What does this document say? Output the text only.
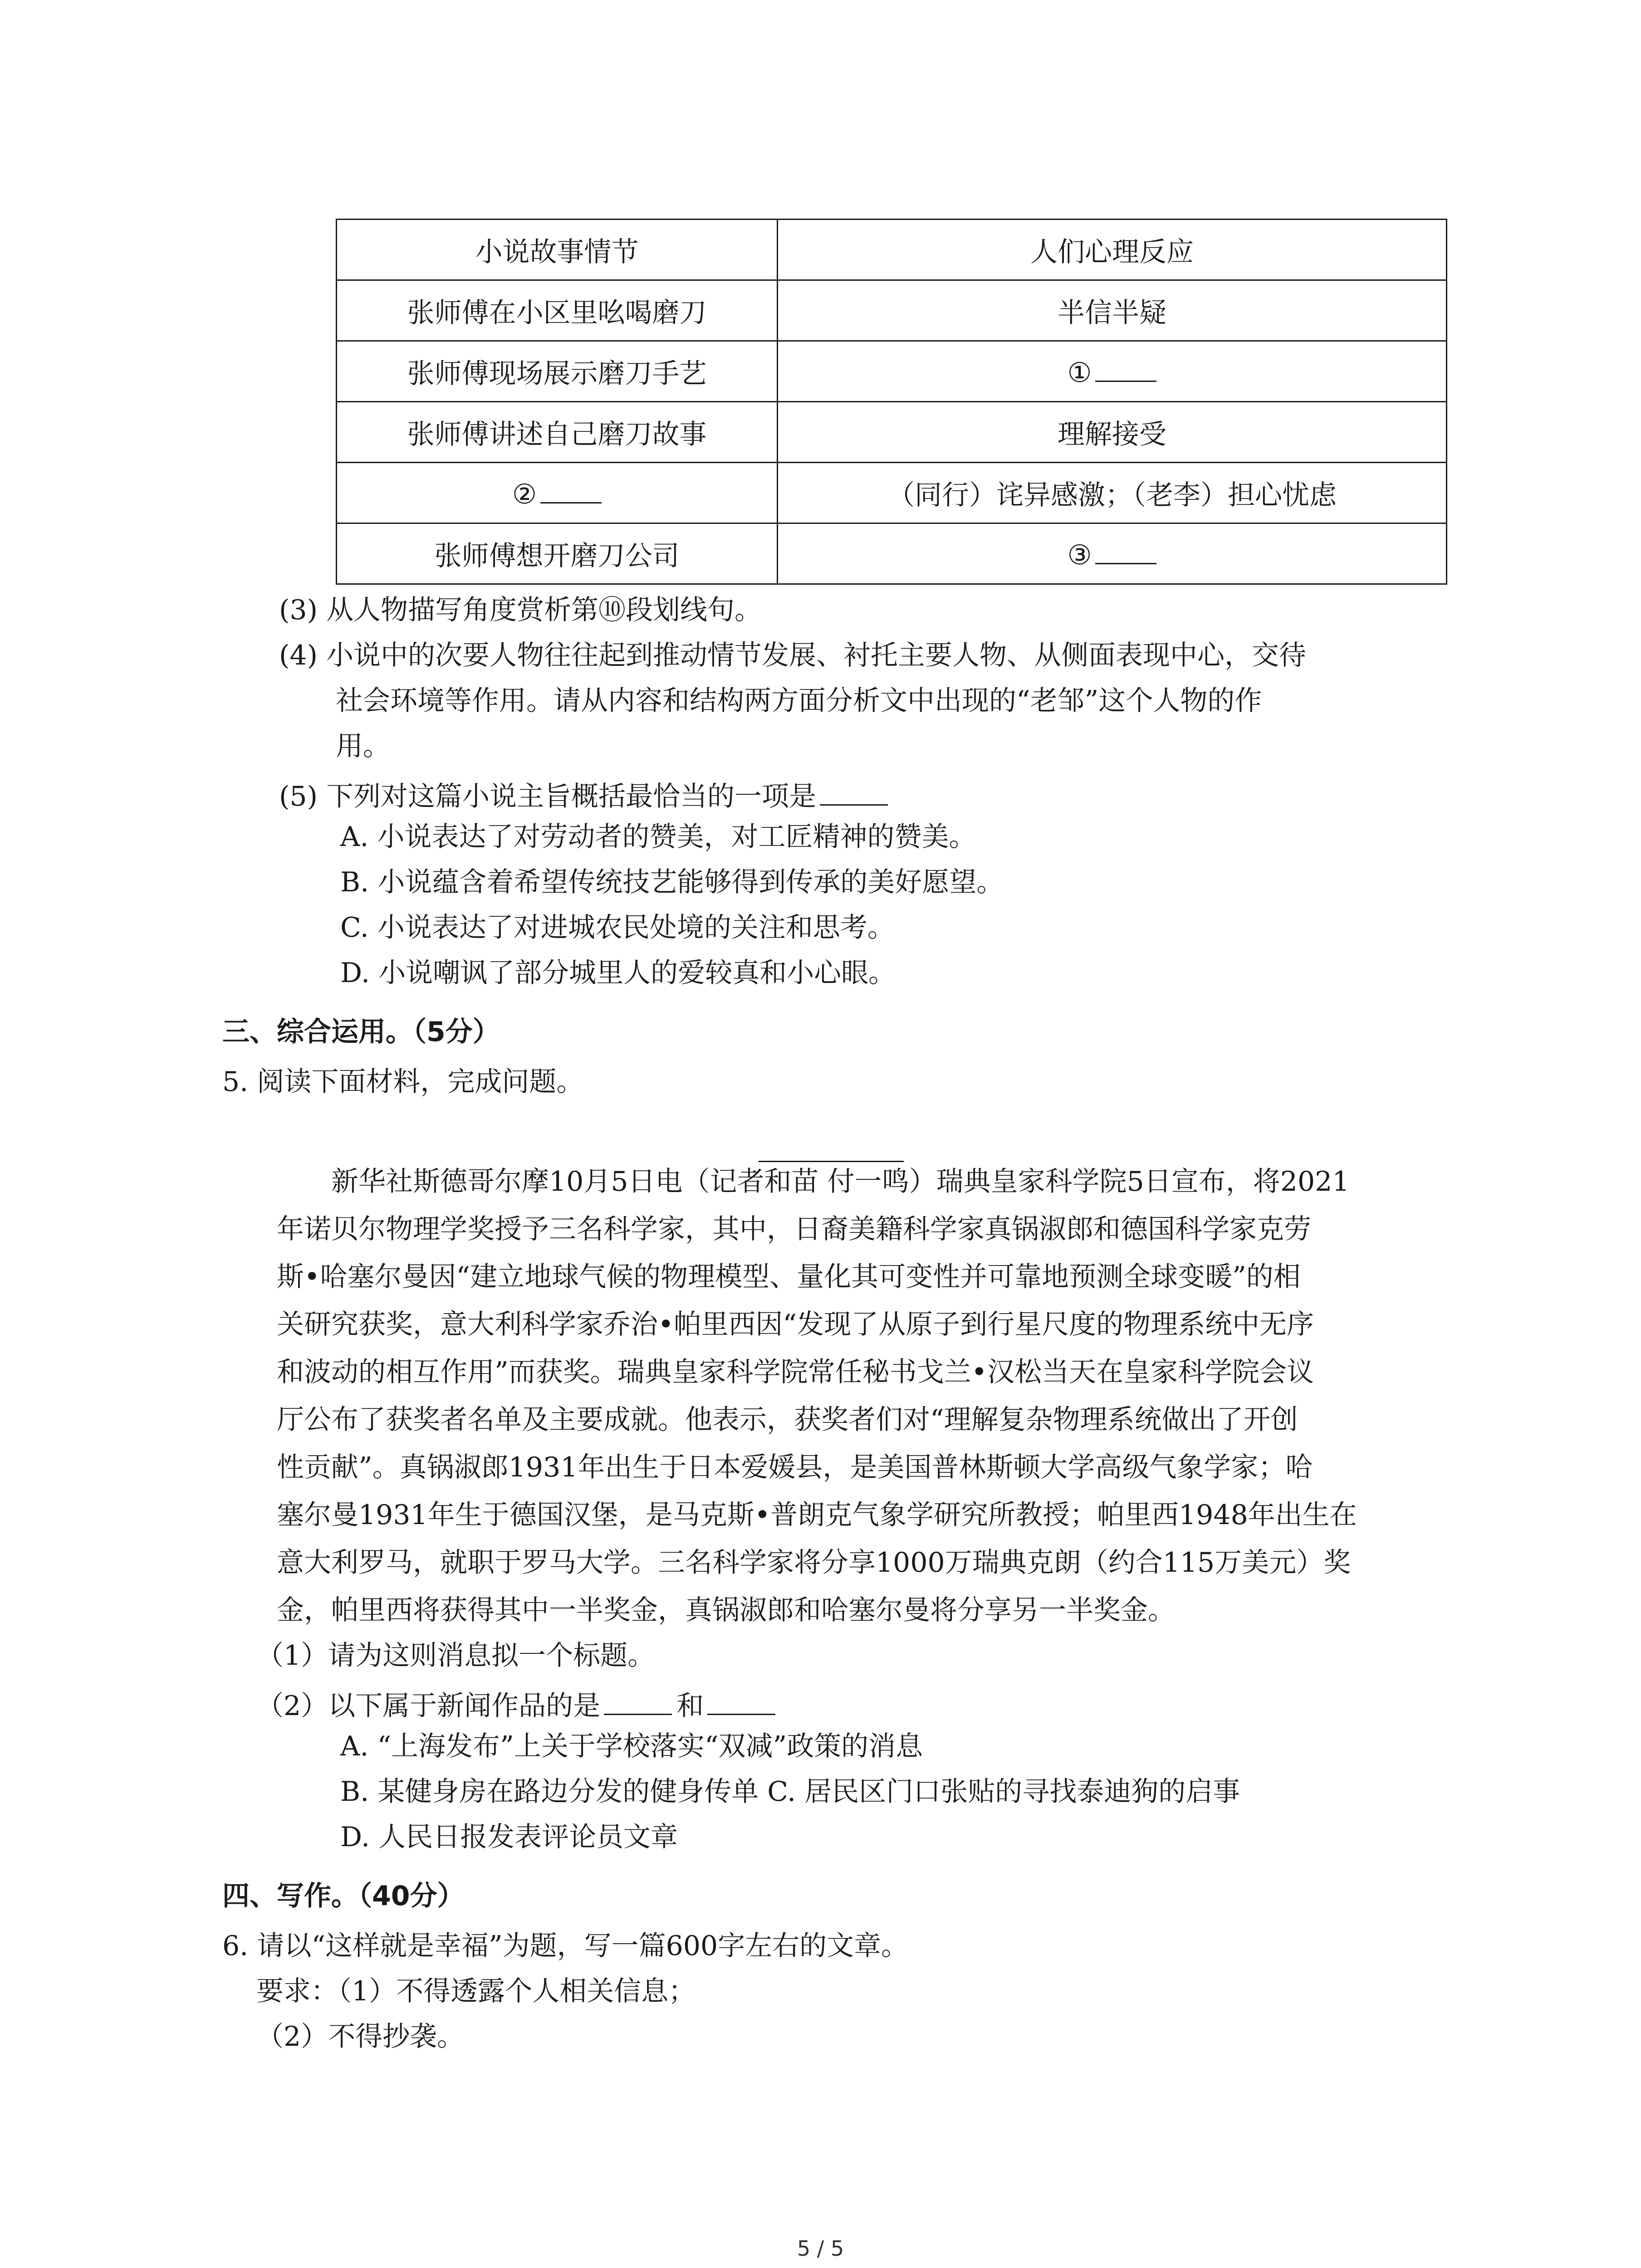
小说故事情节	人们心理反应
张师傅在小区里吆喝磨刀	半信半疑
张师傅现场展示磨刀手艺	①
张师傅讲述自己磨刀故事	理解接受
②	（同行）诧异感激；（老李）担心忧虑
张师傅想开磨刀公司	③
(3) 从人物描写角度赏析第⑩段划线句。
(4) 小说中的次要人物往往起到推动情节发展、衬托主要人物、从侧面表现中心，交待
社会环境等作用。请从内容和结构两方面分析文中出现的“老邹”这个人物的作
用。
(5) 下列对这篇小说主旨概括最恰当的一项是
A. 小说表达了对劳动者的赞美，对工匠精神的赞美。
B. 小说蕴含着希望传统技艺能够得到传承的美好愿望。
C. 小说表达了对进城农民处境的关注和思考。
D. 小说嘲讽了部分城里人的爱较真和小心眼。
三、综合运用。（5分）
5. 阅读下面材料，完成问题。
新华社斯德哥尔摩10月5日电（记者和苗 付一鸣）瑞典皇家科学院5日宣布，将2021
年诺贝尔物理学奖授予三名科学家，其中，日裔美籍科学家真锅淑郎和德国科学家克劳
斯•哈塞尔曼因“建立地球气候的物理模型、量化其可变性并可靠地预测全球变暖”的相
关研究获奖，意大利科学家乔治•帕里西因“发现了从原子到行星尺度的物理系统中无序
和波动的相互作用”而获奖。瑞典皇家科学院常任秘书戈兰•汉松当天在皇家科学院会议
厅公布了获奖者名单及主要成就。他表示，获奖者们对“理解复杂物理系统做出了开创
性贡献”。真锅淑郎1931年出生于日本爱媛县，是美国普林斯顿大学高级气象学家；哈
塞尔曼1931年生于德国汉堡，是马克斯•普朗克气象学研究所教授；帕里西1948年出生在
意大利罗马，就职于罗马大学。三名科学家将分享1000万瑞典克朗（约合115万美元）奖
金，帕里西将获得其中一半奖金，真锅淑郎和哈塞尔曼将分享另一半奖金。
（1）请为这则消息拟一个标题。
（2）以下属于新闻作品的是	和
A. “上海发布”上关于学校落实“双减”政策的消息
B. 某健身房在路边分发的健身传单 C. 居民区门口张贴的寻找泰迪狗的启事
D. 人民日报发表评论员文章
四、写作。（40分）
6. 请以“这样就是幸福”为题，写一篇600字左右的文章。
要求：（1）不得透露个人相关信息；
（2）不得抄袭。
5 / 5
